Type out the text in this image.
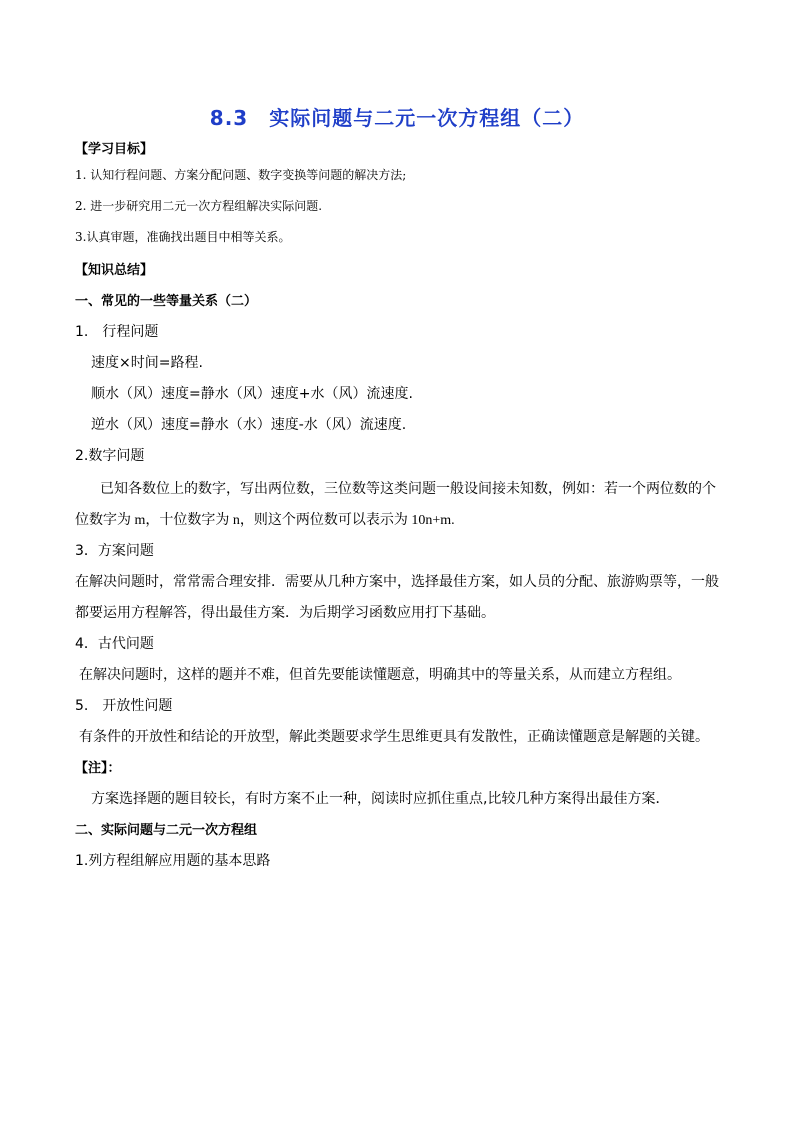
8.3　实际问题与二元一次方程组（二）
【学习目标】
1. 认知行程问题、方案分配问题、数字变换等问题的解决方法;
2. 进一步研究用二元一次方程组解决实际问题.
3.认真审题，准确找出题目中相等关系。
【知识总结】
一、常见的一些等量关系（二）
1.　行程问题
速度×时间=路程.
顺水（风）速度=静水（风）速度+水（风）流速度.
逆水（风）速度=静水（水）速度-水（风）流速度.
2.数字问题
已知各数位上的数字，写出两位数，三位数等这类问题一般设间接未知数，例如：若一个两位数的个
位数字为 m，十位数字为 n，则这个两位数可以表示为 10n+m.
3．方案问题
在解决问题时，常常需合理安排．需要从几种方案中，选择最佳方案，如人员的分配、旅游购票等，一般
都要运用方程解答，得出最佳方案．为后期学习函数应用打下基础。
4．古代问题
在解决问题时，这样的题并不难，但首先要能读懂题意，明确其中的等量关系，从而建立方程组。
5.　开放性问题
有条件的开放性和结论的开放型，解此类题要求学生思维更具有发散性，正确读懂题意是解题的关键。
【注】：
方案选择题的题目较长，有时方案不止一种，阅读时应抓住重点,比较几种方案得出最佳方案．
二、实际问题与二元一次方程组
1.列方程组解应用题的基本思路
